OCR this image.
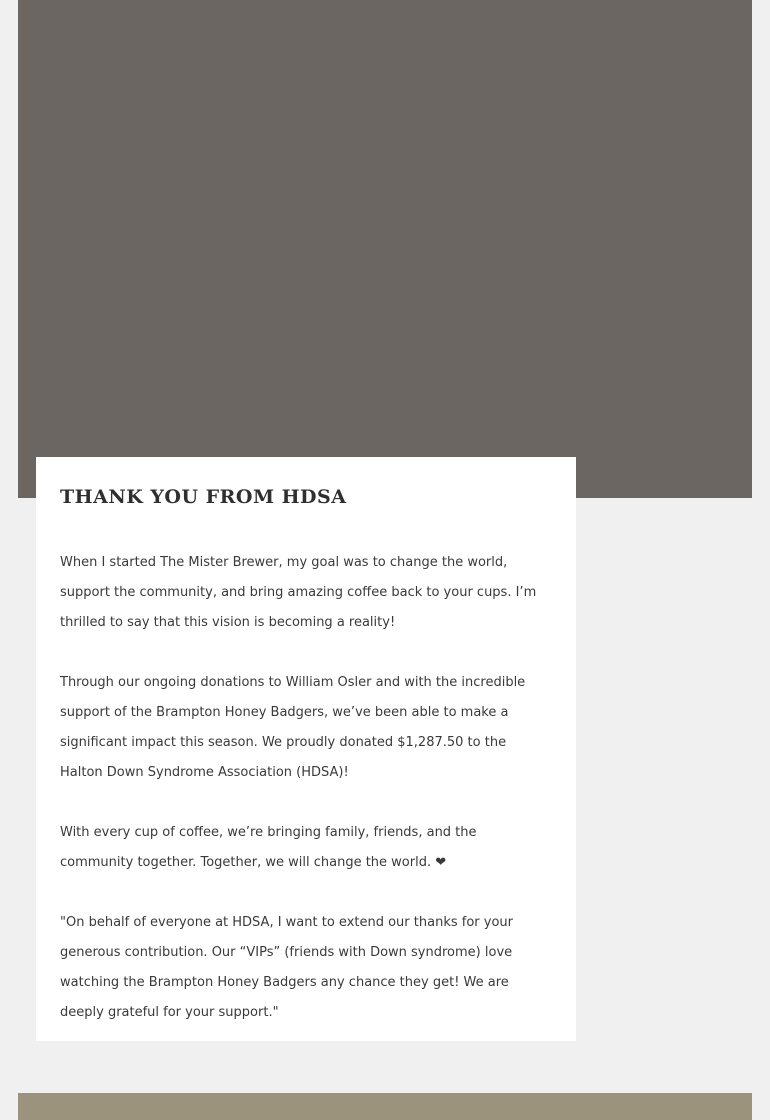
THANK YOU FROM HDSA

When I started The Mister Brewer, my goal was to change the world, support the community, and bring amazing coffee back to your cups. I’m thrilled to say that this vision is becoming a reality!

Through our ongoing donations to William Osler and with the incredible support of the Brampton Honey Badgers, we’ve been able to make a significant impact this season. We proudly donated $1,287.50 to the Halton Down Syndrome Association (HDSA)!

With every cup of coffee, we’re bringing family, friends, and the community together. Together, we will change the world. ❤

"On behalf of everyone at HDSA, I want to extend our thanks for your generous contribution. Our “VIPs” (friends with Down syndrome) love watching the Brampton Honey Badgers any chance they get! We are deeply grateful for your support."
